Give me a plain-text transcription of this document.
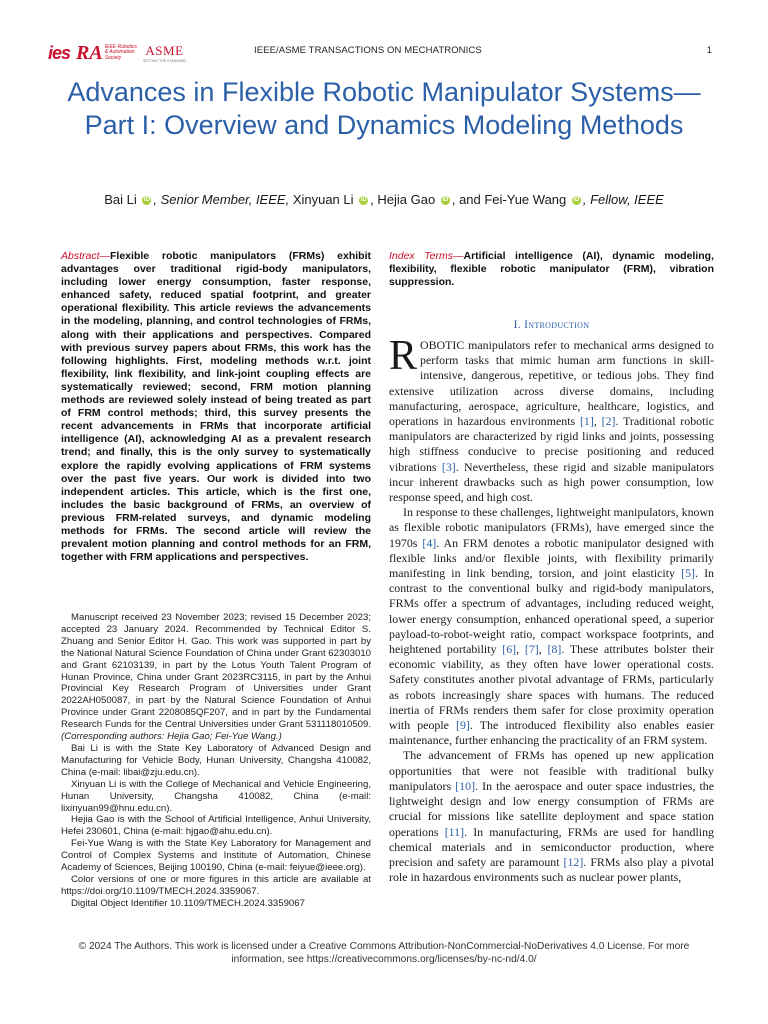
ies RA IEEE Robotics
& Automation
Society	ASME
SETTING THE STANDARD
IEEE/ASME TRANSACTIONS ON MECHATRONICS	1
Advances in Flexible Robotic Manipulator Systems—Part I: Overview and Dynamics Modeling Methods
Bai Li iD , Senior Member, IEEE, Xinyuan Li iD , Hejia Gao iD , and Fei-Yue Wang iD , Fellow, IEEE

Abstract—Flexible robotic manipulators (FRMs) exhibit advantages over traditional rigid-body manipulators, including lower energy consumption, faster response, enhanced safety, reduced spatial footprint, and greater operational flexibility. This article reviews the advancements in the modeling, planning, and control technologies of FRMs, along with their applications and perspectives. Compared with previous survey papers about FRMs, this work has the following highlights. First, modeling methods w.r.t. joint flexibility, link flexibility, and link-joint coupling effects are systematically reviewed; second, FRM motion planning methods are reviewed solely instead of being treated as part of FRM control methods; third, this survey presents the recent advancements in FRMs that incorporate artificial intelligence (AI), acknowledging AI as a prevalent research trend; and finally, this is the only survey to systematically explore the rapidly evolving applications of FRM systems over the past five years. Our work is divided into two independent articles. This article, which is the first one, includes the basic background of FRMs, an overview of previous FRM-related surveys, and dynamic modeling methods for FRMs. The second article will review the prevalent motion planning and control methods for an FRM, together with FRM applications and perspectives.

Index Terms—Artificial intelligence (AI), dynamic modeling, flexibility, flexible robotic manipulator (FRM), vibration suppression.

I. Introduction

ROBOTIC manipulators refer to mechanical arms designed to perform tasks that mimic human arm functions in skill-intensive, dangerous, repetitive, or tedious jobs. They find extensive utilization across diverse domains, including manufacturing, aerospace, agriculture, healthcare, logistics, and operations in hazardous environments [1], [2]. Traditional robotic manipulators are characterized by rigid links and joints, possessing high stiffness conducive to precise positioning and reduced vibrations [3]. Nevertheless, these rigid and sizable manipulators incur inherent drawbacks such as high power consumption, low response speed, and high cost.

In response to these challenges, lightweight manipulators, known as flexible robotic manipulators (FRMs), have emerged since the 1970s [4]. An FRM denotes a robotic manipulator designed with flexible links and/or flexible joints, with flexibility primarily manifesting in link bending, torsion, and joint elasticity [5]. In contrast to the conventional bulky and rigid-body manipulators, FRMs offer a spectrum of advantages, including reduced weight, lower energy consumption, enhanced operational speed, a superior payload-to-robot-weight ratio, compact workspace footprints, and heightened portability [6], [7], [8]. These attributes bolster their economic viability, as they often have lower operational costs. Safety constitutes another pivotal advantage of FRMs, particularly as robots increasingly share spaces with humans. The reduced inertia of FRMs renders them safer for close proximity operation with people [9]. The introduced flexibility also enables easier maintenance, further enhancing the practicality of an FRM system.

The advancement of FRMs has opened up new application opportunities that were not feasible with traditional bulky manipulators [10]. In the aerospace and outer space industries, the lightweight design and low energy consumption of FRMs are crucial for missions like satellite deployment and space station operations [11]. In manufacturing, FRMs are used for handling chemical materials and in semiconductor production, where precision and safety are paramount [12]. FRMs also play a pivotal role in hazardous environments such as nuclear power plants,

Manuscript received 23 November 2023; revised 15 December 2023; accepted 23 January 2024. Recommended by Technical Editor S. Zhuang and Senior Editor H. Gao. This work was supported in part by the National Natural Science Foundation of China under Grant 62303010 and Grant 62103139, in part by the Lotus Youth Talent Program of Hunan Province, China under Grant 2023RC3115, in part by the Anhui Provincial Key Research Program of Universities under Grant 2022AH050087, in part by the Natural Science Foundation of Anhui Province under Grant 2208085QF207, and in part by the Fundamental Research Funds for the Central Universities under Grant 531118010509. (Corresponding authors: Hejia Gao; Fei-Yue Wang.)

Bai Li is with the State Key Laboratory of Advanced Design and Manufacturing for Vehicle Body, Hunan University, Changsha 410082, China (e-mail: libai@zju.edu.cn).

Xinyuan Li is with the College of Mechanical and Vehicle Engineering, Hunan University, Changsha 410082, China (e-mail: lixinyuan99@hnu.edu.cn).

Hejia Gao is with the School of Artificial Intelligence, Anhui University, Hefei 230601, China (e-mail: hjgao@ahu.edu.cn).

Fei-Yue Wang is with the State Key Laboratory for Management and Control of Complex Systems and Institute of Automation, Chinese Academy of Sciences, Beijing 100190, China (e-mail: feiyue@ieee.org).

Color versions of one or more figures in this article are available at https://doi.org/10.1109/TMECH.2024.3359067.

Digital Object Identifier 10.1109/TMECH.2024.3359067

© 2024 The Authors. This work is licensed under a Creative Commons Attribution-NonCommercial-NoDerivatives 4.0 License. For more information, see https://creativecommons.org/licenses/by-nc-nd/4.0/
